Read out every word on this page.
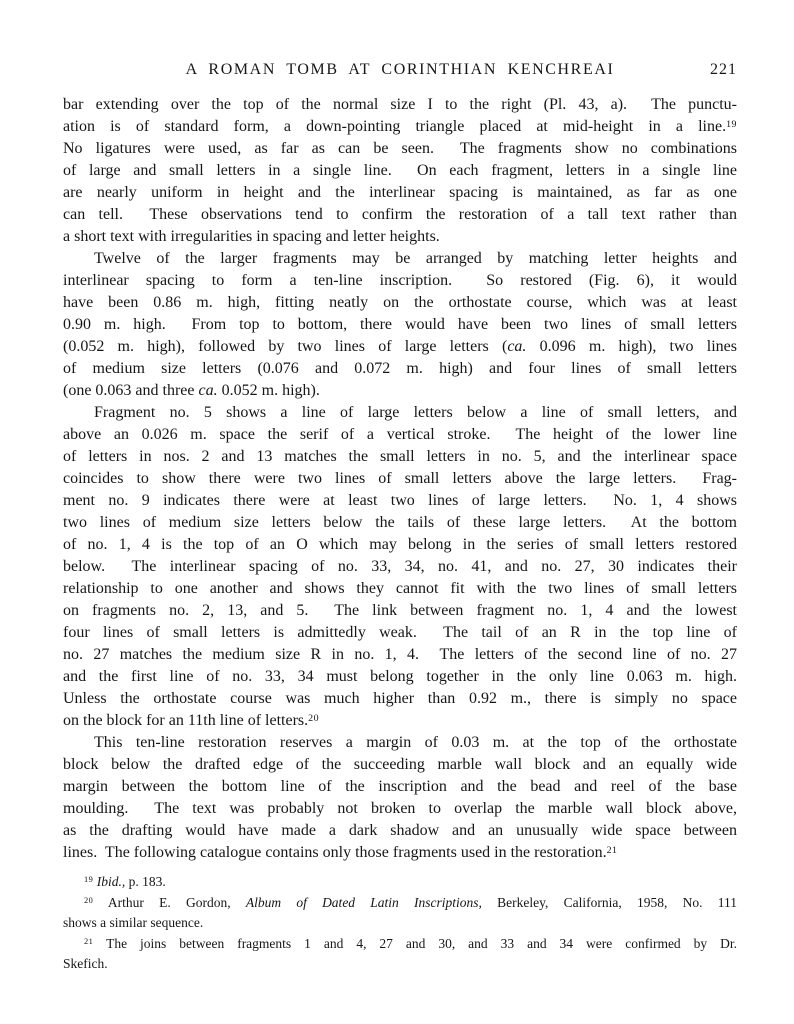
A ROMAN TOMB AT CORINTHIAN KENCHREAI	221
bar extending over the top of the normal size I to the right (Pl. 43, a).  The punctu-
ation is of standard form, a down-pointing triangle placed at mid-height in a line.$^{19}$
No ligatures were used, as far as can be seen.  The fragments show no combinations
of large and small letters in a single line.  On each fragment, letters in a single line
are nearly uniform in height and the interlinear spacing is maintained, as far as one
can tell.  These observations tend to confirm the restoration of a tall text rather than
a short text with irregularities in spacing and letter heights.
Twelve of the larger fragments may be arranged by matching letter heights and
interlinear spacing to form a ten-line inscription.  So restored (Fig. 6), it would
have been 0.86 m. high, fitting neatly on the orthostate course, which was at least
0.90 m. high.  From top to bottom, there would have been two lines of small letters
(0.052 m. high), followed by two lines of large letters (ca. 0.096 m. high), two lines
of medium size letters (0.076 and 0.072 m. high) and four lines of small letters
(one 0.063 and three ca. 0.052 m. high).
Fragment no. 5 shows a line of large letters below a line of small letters, and
above an 0.026 m. space the serif of a vertical stroke.  The height of the lower line
of letters in nos. 2 and 13 matches the small letters in no. 5, and the interlinear space
coincides to show there were two lines of small letters above the large letters.  Frag-
ment no. 9 indicates there were at least two lines of large letters.  No. 1, 4 shows
two lines of medium size letters below the tails of these large letters.  At the bottom
of no. 1, 4 is the top of an O which may belong in the series of small letters restored
below.  The interlinear spacing of no. 33, 34, no. 41, and no. 27, 30 indicates their
relationship to one another and shows they cannot fit with the two lines of small letters
on fragments no. 2, 13, and 5.  The link between fragment no. 1, 4 and the lowest
four lines of small letters is admittedly weak.  The tail of an R in the top line of
no. 27 matches the medium size R in no. 1, 4.  The letters of the second line of no. 27
and the first line of no. 33, 34 must belong together in the only line 0.063 m. high.
Unless the orthostate course was much higher than 0.92 m., there is simply no space
on the block for an 11th line of letters.$^{20}$
This ten-line restoration reserves a margin of 0.03 m. at the top of the orthostate
block below the drafted edge of the succeeding marble wall block and an equally wide
margin between the bottom line of the inscription and the bead and reel of the base
moulding.  The text was probably not broken to overlap the marble wall block above,
as the drafting would have made a dark shadow and an unusually wide space between
lines.  The following catalogue contains only those fragments used in the restoration.$^{21}$
$^{19}$ Ibid., p. 183.
$^{20}$ Arthur E. Gordon, Album of Dated Latin Inscriptions, Berkeley, California, 1958, No. 111
shows a similar sequence.
$^{21}$ The joins between fragments 1 and 4, 27 and 30, and 33 and 34 were confirmed by Dr.
Skefich.
